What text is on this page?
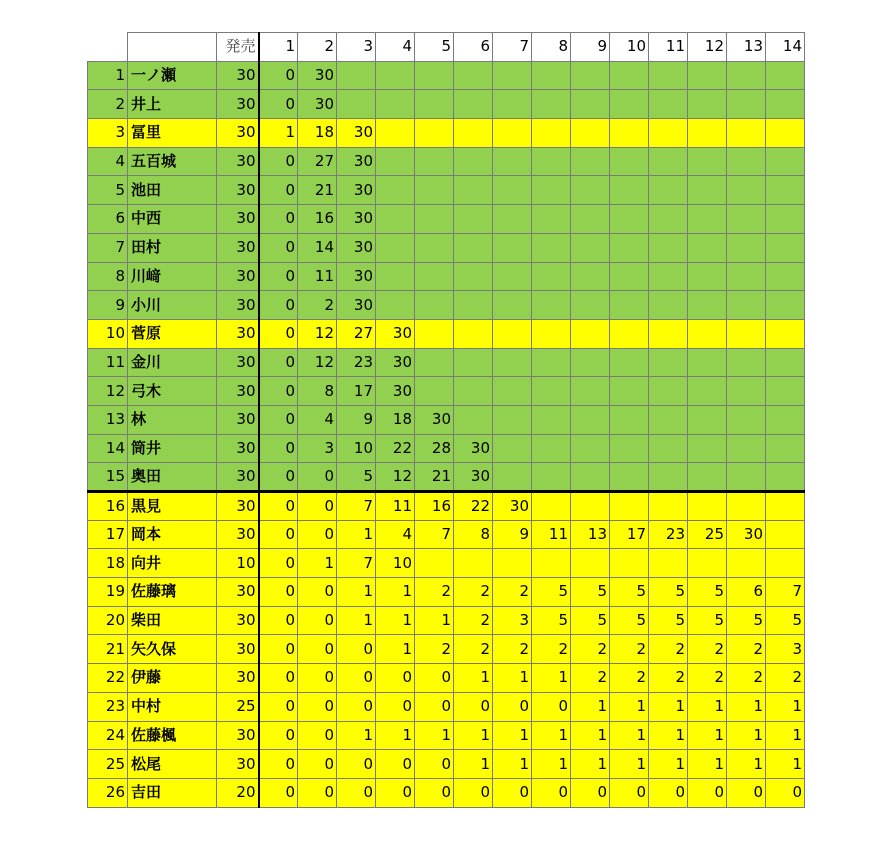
		発売	1	2	3	4	5	6	7	8	9	10	11	12	13	14
1	一ノ瀬	30	0	30												
2	井上	30	0	30												
3	冨里	30	1	18	30											
4	五百城	30	0	27	30											
5	池田	30	0	21	30											
6	中西	30	0	16	30											
7	田村	30	0	14	30											
8	川﨑	30	0	11	30											
9	小川	30	0	2	30											
10	菅原	30	0	12	27	30										
11	金川	30	0	12	23	30										
12	弓木	30	0	8	17	30										
13	林	30	0	4	9	18	30									
14	筒井	30	0	3	10	22	28	30								
15	奥田	30	0	0	5	12	21	30								
16	黒見	30	0	0	7	11	16	22	30							
17	岡本	30	0	0	1	4	7	8	9	11	13	17	23	25	30	
18	向井	10	0	1	7	10										
19	佐藤璃	30	0	0	1	1	2	2	2	5	5	5	5	5	6	7
20	柴田	30	0	0	1	1	1	2	3	5	5	5	5	5	5	5
21	矢久保	30	0	0	0	1	2	2	2	2	2	2	2	2	2	3
22	伊藤	30	0	0	0	0	0	1	1	1	2	2	2	2	2	2
23	中村	25	0	0	0	0	0	0	0	0	1	1	1	1	1	1
24	佐藤楓	30	0	0	1	1	1	1	1	1	1	1	1	1	1	1
25	松尾	30	0	0	0	0	0	1	1	1	1	1	1	1	1	1
26	吉田	20	0	0	0	0	0	0	0	0	0	0	0	0	0	0
